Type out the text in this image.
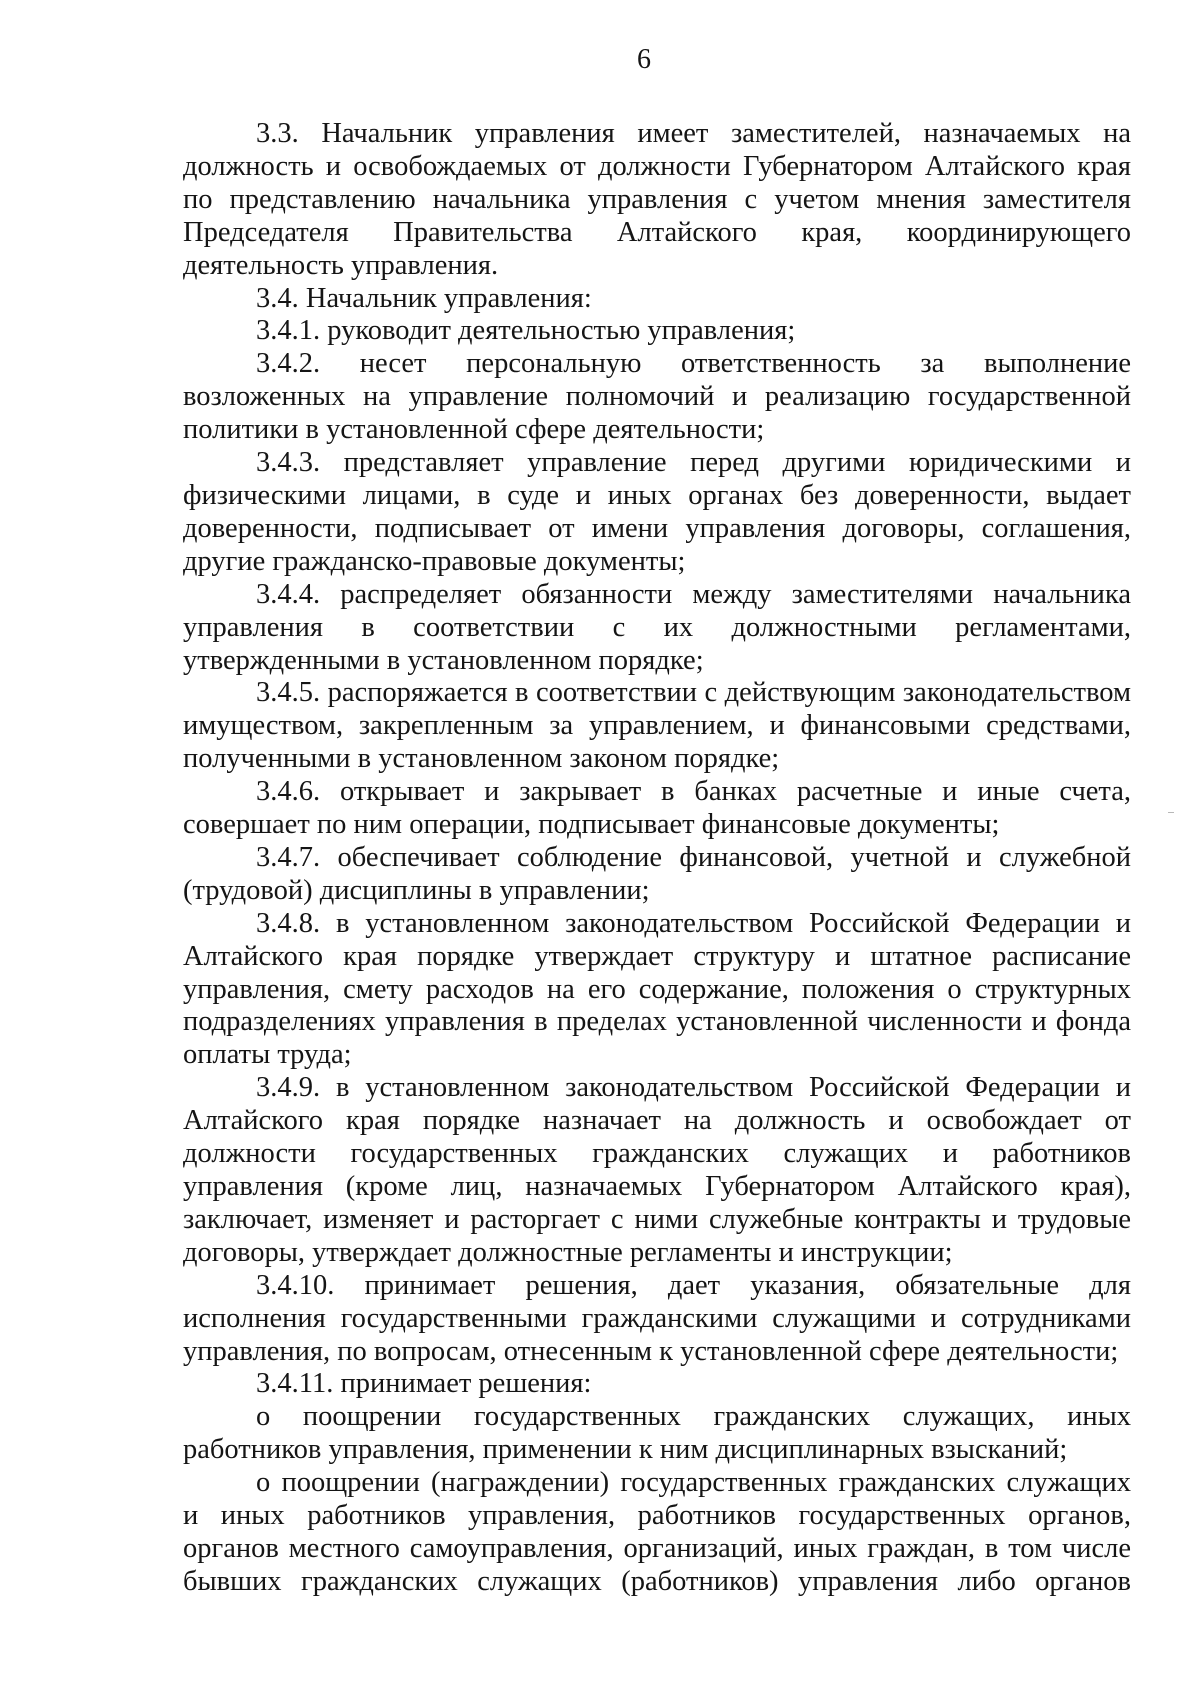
6

3.3. Начальник управления имеет заместителей, назначаемых на должность и освобождаемых от должности Губернатором Алтайского края по представлению начальника управления с учетом мнения заместителя Председателя Правительства Алтайского края, координирующего деятельность управления.

3.4. Начальник управления:

3.4.1. руководит деятельностью управления;

3.4.2. несет персональную ответственность за выполнение возложенных на управление полномочий и реализацию государственной политики в установленной сфере деятельности;

3.4.3. представляет управление перед другими юридическими и физическими лицами, в суде и иных органах без доверенности, выдает доверенности, подписывает от имени управления договоры, соглашения, другие гражданско-правовые документы;

3.4.4. распределяет обязанности между заместителями начальника управления в соответствии с их должностными регламентами, утвержденными в установленном порядке;

3.4.5. распоряжается в соответствии с действующим законодательством имуществом, закрепленным за управлением, и финансовыми средствами, полученными в установленном законом порядке;

3.4.6. открывает и закрывает в банках расчетные и иные счета, совершает по ним операции, подписывает финансовые документы;

3.4.7. обеспечивает соблюдение финансовой, учетной и служебной (трудовой) дисциплины в управлении;

3.4.8. в установленном законодательством Российской Федерации и Алтайского края порядке утверждает структуру и штатное расписание управления, смету расходов на его содержание, положения о структурных подразделениях управления в пределах установленной численности и фонда оплаты труда;

3.4.9. в установленном законодательством Российской Федерации и Алтайского края порядке назначает на должность и освобождает от должности государственных гражданских служащих и работников управления (кроме лиц, назначаемых Губернатором Алтайского края), заключает, изменяет и расторгает с ними служебные контракты и трудовые договоры, утверждает должностные регламенты и инструкции;

3.4.10. принимает решения, дает указания, обязательные для исполнения государственными гражданскими служащими и сотрудниками управления, по вопросам, отнесенным к установленной сфере деятельности;

3.4.11. принимает решения:

о поощрении государственных гражданских служащих, иных работников управления, применении к ним дисциплинарных взысканий;

о поощрении (награждении) государственных гражданских служащих и иных работников управления, работников государственных органов, органов местного самоуправления, организаций, иных граждан, в том числе бывших гражданских служащих (работников) управления либо органов
